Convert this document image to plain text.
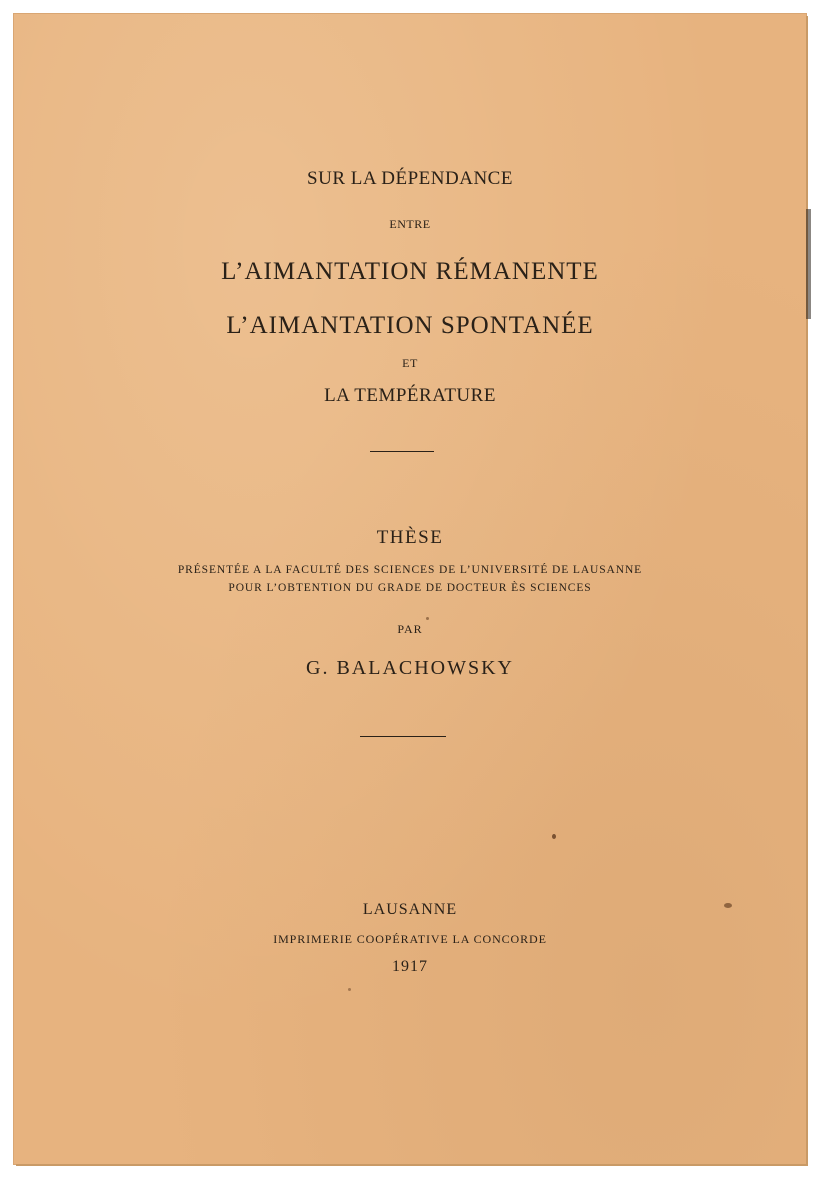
SUR LA DÉPENDANCE
ENTRE
L’AIMANTATION RÉMANENTE
L’AIMANTATION SPONTANÉE
ET
LA TEMPÉRATURE
THÈSE
PRÉSENTÉE A LA FACULTÉ DES SCIENCES DE L’UNIVERSITÉ DE LAUSANNE
POUR L’OBTENTION DU GRADE DE DOCTEUR ÈS SCIENCES
PAR
G. BALACHOWSKY
LAUSANNE
IMPRIMERIE COOPÉRATIVE LA CONCORDE
1917
